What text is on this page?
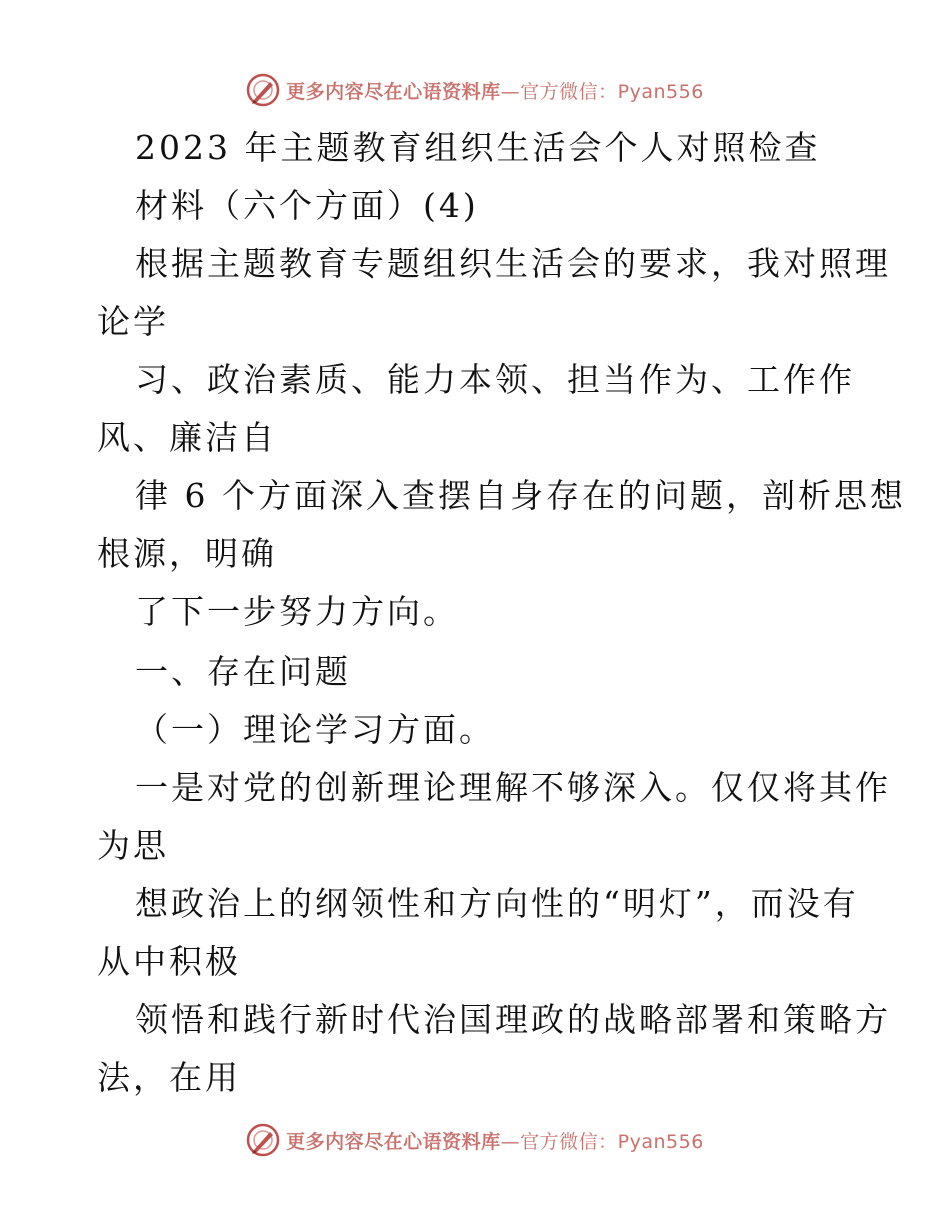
更多内容尽在心语资料库—官方微信：Pyan556
2023 年主题教育组织生活会个人对照检查
材料（六个方面）(4)
根据主题教育专题组织生活会的要求，我对照理
论学
习、政治素质、能力本领、担当作为、工作作
风、廉洁自
律 6 个方面深入查摆自身存在的问题，剖析思想
根源，明确
了下一步努力方向。
一、存在问题
（一）理论学习方面。
一是对党的创新理论理解不够深入。仅仅将其作
为思
想政治上的纲领性和方向性的“明灯”，而没有
从中积极
领悟和践行新时代治国理政的战略部署和策略方
法，在用
更多内容尽在心语资料库—官方微信：Pyan556
